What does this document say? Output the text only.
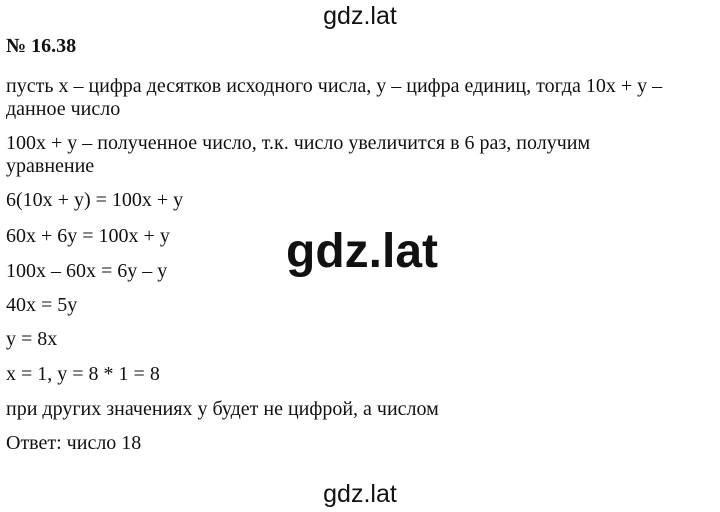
gdz.lat
№ 16.38
пусть x – цифра десятков исходного числа, y – цифра единиц, тогда 10x + y –
данное число
100x + y – полученное число, т.к. число увеличится в 6 раз, получим
уравнение
6(10x + y) = 100x + y
60x + 6y = 100x + y
100x – 60x = 6y – y
40x = 5y
y = 8x
x = 1, y = 8 * 1 = 8
при других значениях y будет не цифрой, а числом
Ответ: число 18
gdz.lat
gdz.lat
